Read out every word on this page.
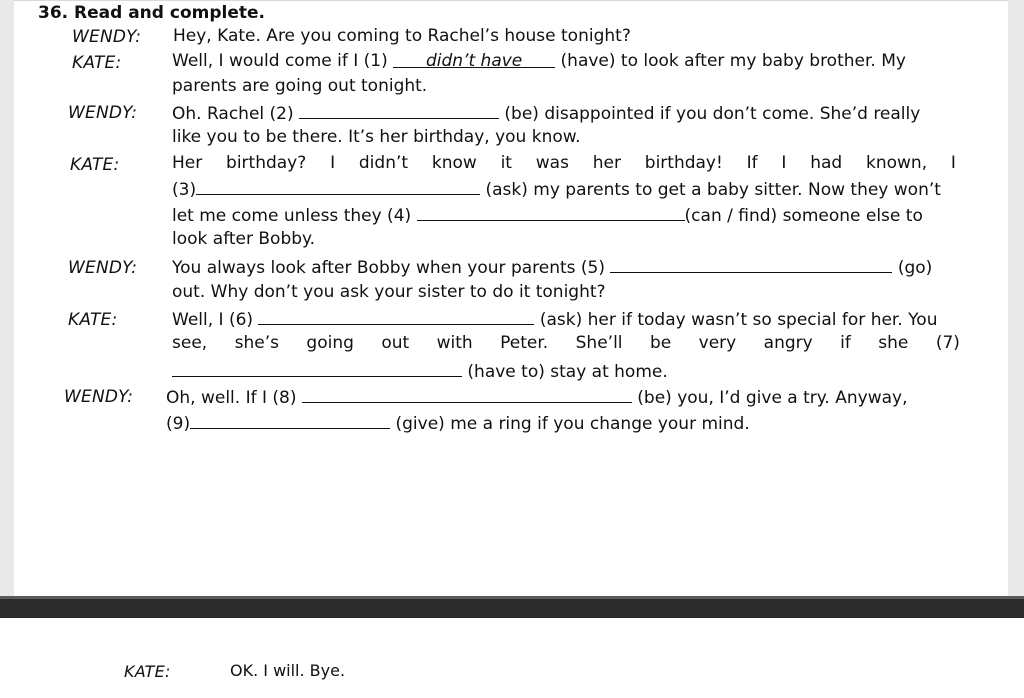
36. Read and complete.
WENDY: Hey, Kate. Are you coming to Rachel’s house tonight?
KATE:	Well, I would come if I (1) didn’t have (have) to look after my baby brother. My
parents are going out tonight.
WENDY: Oh. Rachel (2)	(be) disappointed if you don’t come. She’d really
like you to be there. It’s her birthday, you know.
KATE:	Her birthday? I didn’t know it was her birthday! If I had known, I
(3)	(ask) my parents to get a baby sitter. Now they won’t
let me come unless they (4)	(can / find) someone else to
look after Bobby.
WENDY: You always look after Bobby when your parents (5)	(go)
out. Why don’t you ask your sister to do it tonight?
KATE:	Well, I (6)	(ask) her if today wasn’t so special for her. You
see, she’s going out with Peter. She’ll be very angry if she (7)
(have to) stay at home.
WENDY: Oh, well. If I (8)	(be) you, I’d give a try. Anyway,
(9)	(give) me a ring if you change your mind.
KATE:	OK. I will. Bye.
